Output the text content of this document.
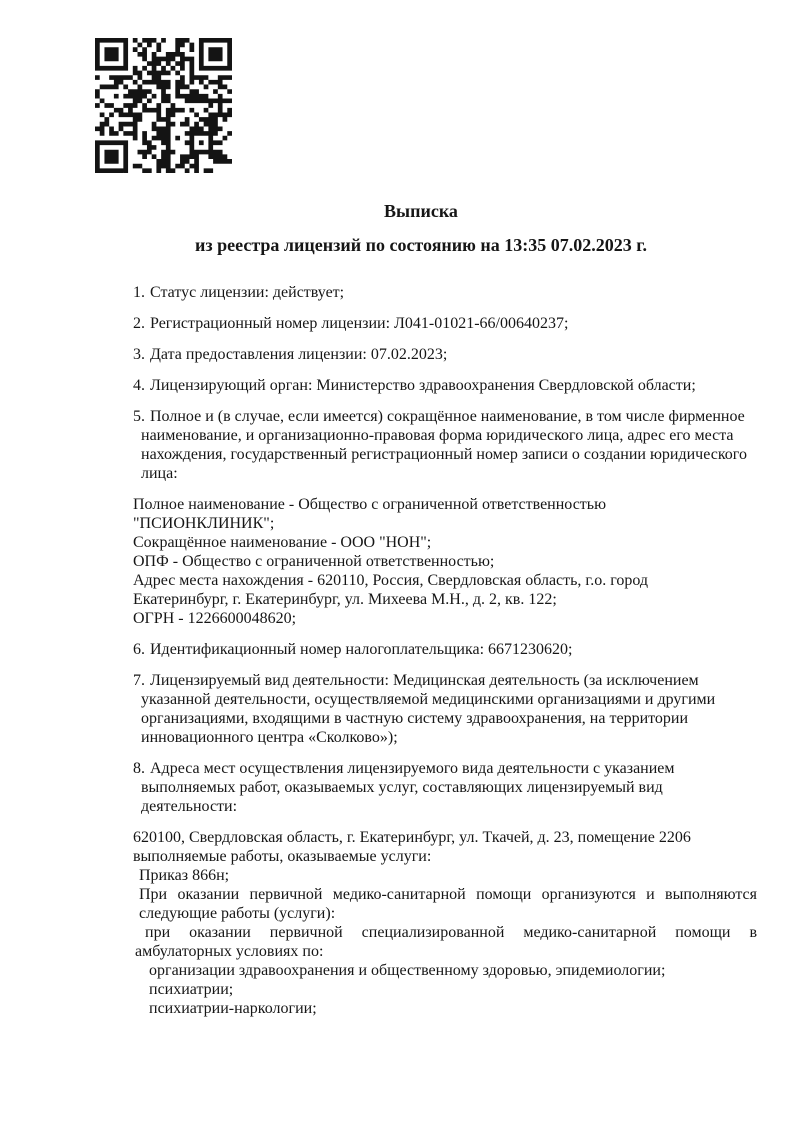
Выписка
из реестра лицензий по состоянию на 13:35 07.02.2023 г.

1. Статус лицензии: действует;

2. Регистрационный номер лицензии: Л041-01021-66/00640237;

3. Дата предоставления лицензии: 07.02.2023;

4. Лицензирующий орган: Министерство здравоохранения Свердловской области;

5. Полное и (в случае, если имеется) сокращённое наименование, в том числе фирменное наименование, и организационно-правовая форма юридического лица, адрес его места нахождения, государственный регистрационный номер записи о создании юридического лица:

Полное наименование - Общество с ограниченной ответственностью
"ПСИОНКЛИНИК";
Сокращённое наименование - ООО "НОН";
ОПФ - Общество с ограниченной ответственностью;
Адрес места нахождения - 620110, Россия, Свердловская область, г.о. город
Екатеринбург, г. Екатеринбург, ул. Михеева М.Н., д. 2, кв. 122;
ОГРН - 1226600048620;

6. Идентификационный номер налогоплательщика: 6671230620;

7. Лицензируемый вид деятельности: Медицинская деятельность (за исключением указанной деятельности, осуществляемой медицинскими организациями и другими организациями, входящими в частную систему здравоохранения, на территории инновационного центра «Сколково»);

8. Адреса мест осуществления лицензируемого вида деятельности с указанием выполняемых работ, оказываемых услуг, составляющих лицензируемый вид деятельности:

620100, Свердловская область, г. Екатеринбург, ул. Ткачей, д. 23, помещение 2206

выполняемые работы, оказываемые услуги:

Приказ 866н;

При оказании первичной медико-санитарной помощи организуются и выполняются следующие работы (услуги):

при оказании первичной специализированной медико-санитарной помощи в амбулаторных условиях по:

организации здравоохранения и общественному здоровью, эпидемиологии;

психиатрии;

психиатрии-наркологии;
